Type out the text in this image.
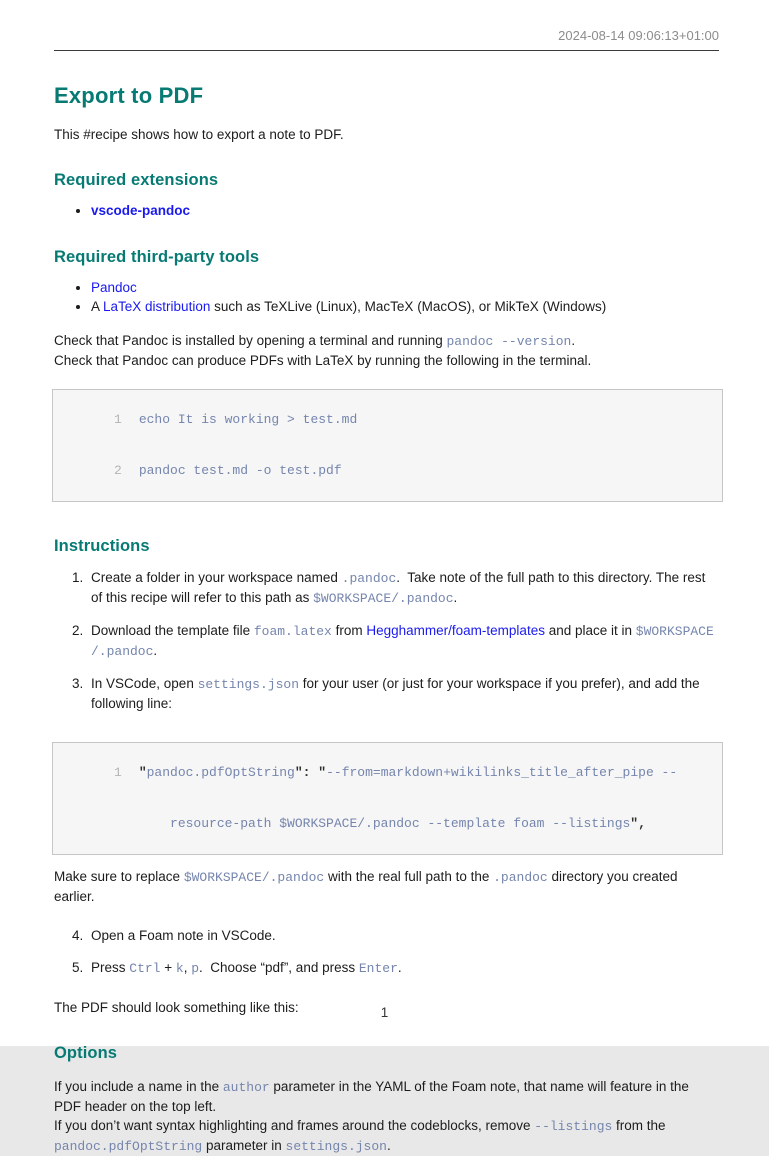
2024-08-14 09:06:13+01:00
Export to PDF

This #recipe shows how to export a note to PDF.

Required extensions
• vscode-pandoc
Required third-party tools
• Pandoc
• A LaTeX distribution such as TeXLive (Linux), MacTeX (MacOS), or MikTeX (Windows)

Check that Pandoc is installed by opening a terminal and running pandoc --version.

Check that Pandoc can produce PDFs with LaTeX by running the following in the terminal.

1 echo It is working > test.md

2 pandoc test.md -o test.pdf

Instructions
1. Create a folder in your workspace named .pandoc.  Take note of the full path to this directory. The rest of this recipe will refer to this path as $WORKSPACE/.pandoc.
2. Download the template file foam.latex from Hegghammer/foam-templates and place it in $WORKSPACE/.pandoc.
3. In VSCode, open settings.json for your user (or just for your workspace if you prefer), and add the following line:

1 "pandoc.pdfOptString": "--from=markdown+wikilinks_title_after_pipe --

resource-path $WORKSPACE/.pandoc --template foam --listings",

Make sure to replace $WORKSPACE/.pandoc with the real full path to the .pandoc directory you created earlier.

4. Open a Foam note in VSCode.
5. Press Ctrl + k, p.  Choose “pdf”, and press Enter.

The PDF should look something like this:

Options

If you include a name in the author parameter in the YAML of the Foam note, that name will feature in the PDF header on the top left.

If you don’t want syntax highlighting and frames around the codeblocks, remove --listings from the pandoc.pdfOptString parameter in settings.json.

1
